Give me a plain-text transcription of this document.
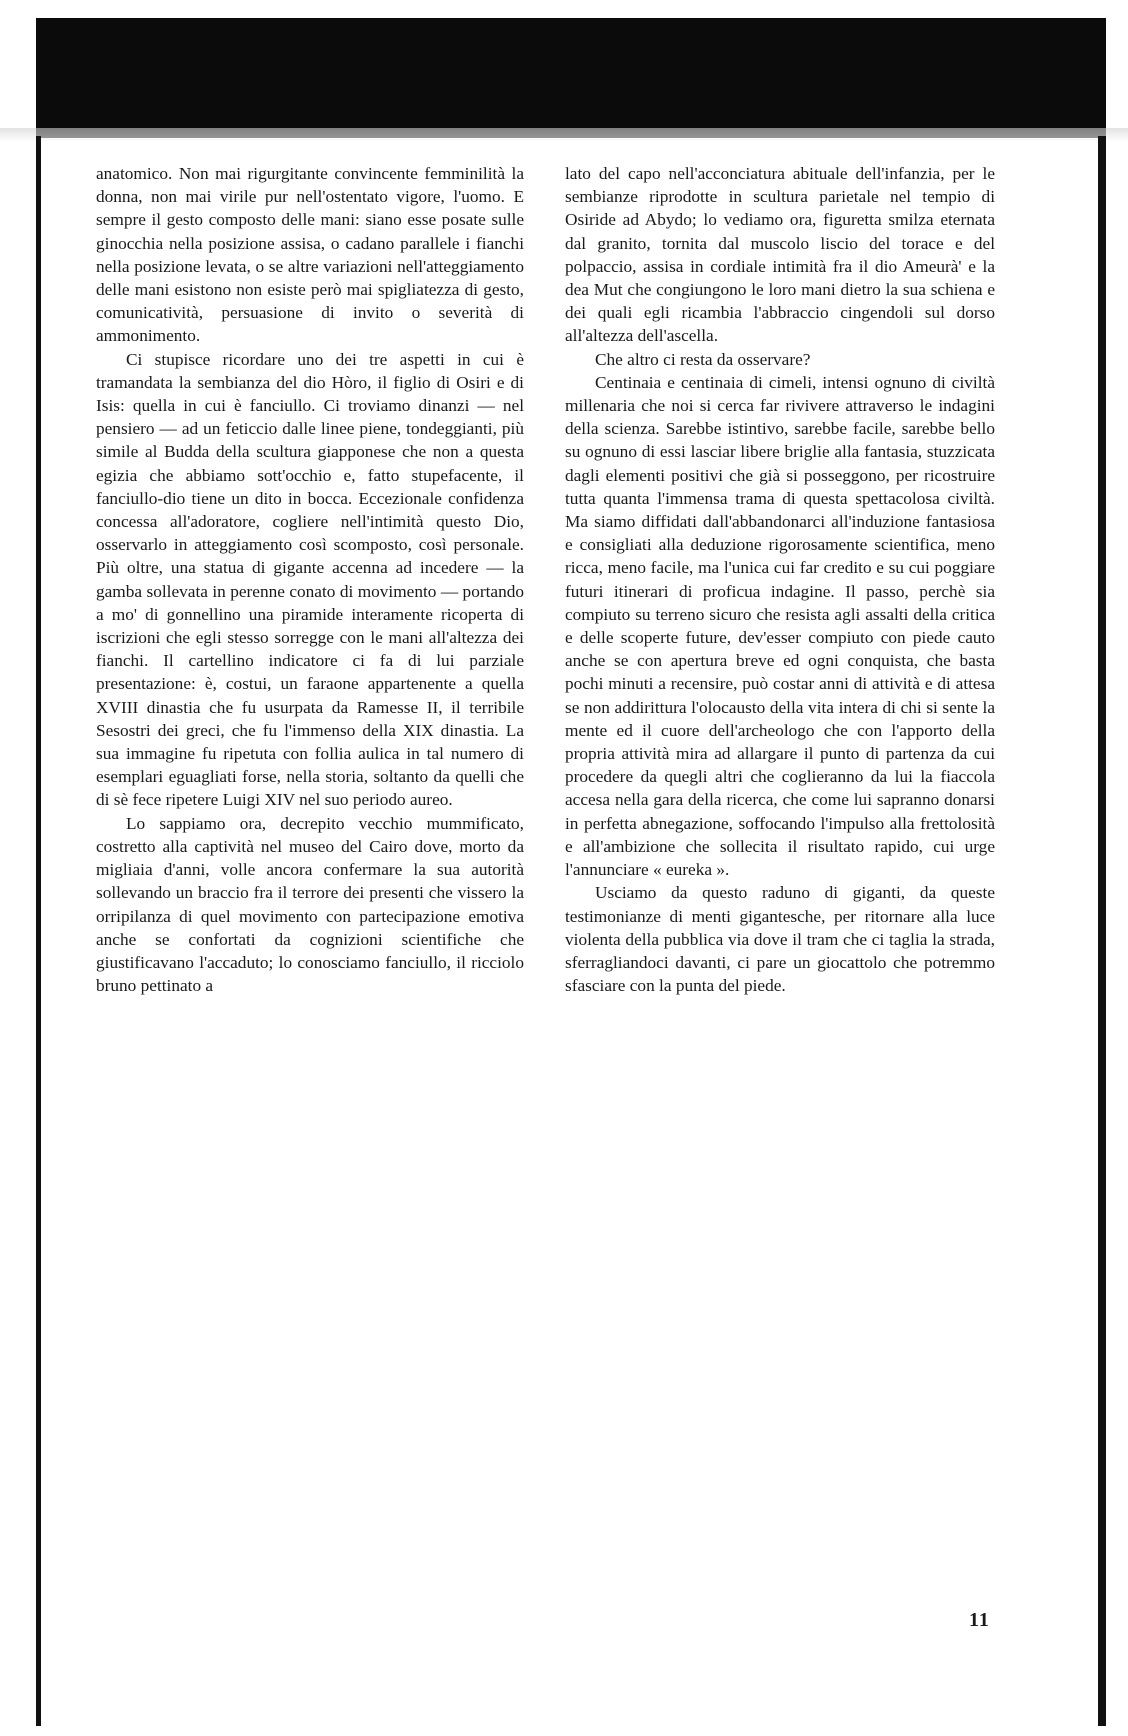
anatomico. Non mai rigurgitante convincente femminilità la donna, non mai virile pur nell'ostentato vigore, l'uomo. E sempre il gesto composto delle mani: siano esse posate sulle ginocchia nella posizione assisa, o cadano parallele i fianchi nella posizione levata, o se altre variazioni nell'atteggiamento delle mani esistono non esiste però mai spigliatezza di gesto, comunicatività, persuasione di invito o severità di ammonimento.

Ci stupisce ricordare uno dei tre aspetti in cui è tramandata la sembianza del dio Hòro, il figlio di Osiri e di Isis: quella in cui è fanciullo. Ci troviamo dinanzi — nel pensiero — ad un feticcio dalle linee piene, tondeggianti, più simile al Budda della scultura giapponese che non a questa egizia che abbiamo sott'occhio e, fatto stupefacente, il fanciullo-dio tiene un dito in bocca. Eccezionale confidenza concessa all'adoratore, cogliere nell'intimità questo Dio, osservarlo in atteggiamento così scomposto, così personale. Più oltre, una statua di gigante accenna ad incedere — la gamba sollevata in perenne conato di movimento — portando a mo' di gonnellino una piramide interamente ricoperta di iscrizioni che egli stesso sorregge con le mani all'altezza dei fianchi. Il cartellino indicatore ci fa di lui parziale presentazione: è, costui, un faraone appartenente a quella XVIII dinastia che fu usurpata da Ramesse II, il terribile Sesostri dei greci, che fu l'immenso della XIX dinastia. La sua immagine fu ripetuta con follia aulica in tal numero di esemplari eguagliati forse, nella storia, soltanto da quelli che di sè fece ripetere Luigi XIV nel suo periodo aureo.

Lo sappiamo ora, decrepito vecchio mummificato, costretto alla captività nel museo del Cairo dove, morto da migliaia d'anni, volle ancora confermare la sua autorità sollevando un braccio fra il terrore dei presenti che vissero la orripilanza di quel movimento con partecipazione emotiva anche se confortati da cognizioni scientifiche che giustificavano l'accaduto; lo conosciamo fanciullo, il ricciolo bruno pettinato a

lato del capo nell'acconciatura abituale dell'infanzia, per le sembianze riprodotte in scultura parietale nel tempio di Osiride ad Abydo; lo vediamo ora, figuretta smilza eternata dal granito, tornita dal muscolo liscio del torace e del polpaccio, assisa in cordiale intimità fra il dio Ameurà' e la dea Mut che congiungono le loro mani dietro la sua schiena e dei quali egli ricambia l'abbraccio cingendoli sul dorso all'altezza dell'ascella.

Che altro ci resta da osservare?

Centinaia e centinaia di cimeli, intensi ognuno di civiltà millenaria che noi si cerca far rivivere attraverso le indagini della scienza. Sarebbe istintivo, sarebbe facile, sarebbe bello su ognuno di essi lasciar libere briglie alla fantasia, stuzzicata dagli elementi positivi che già si posseggono, per ricostruire tutta quanta l'immensa trama di questa spettacolosa civiltà. Ma siamo diffidati dall'abbandonarci all'induzione fantasiosa e consigliati alla deduzione rigorosamente scientifica, meno ricca, meno facile, ma l'unica cui far credito e su cui poggiare futuri itinerari di proficua indagine. Il passo, perchè sia compiuto su terreno sicuro che resista agli assalti della critica e delle scoperte future, dev'esser compiuto con piede cauto anche se con apertura breve ed ogni conquista, che basta pochi minuti a recensire, può costar anni di attività e di attesa se non addirittura l'olocausto della vita intera di chi si sente la mente ed il cuore dell'archeologo che con l'apporto della propria attività mira ad allargare il punto di partenza da cui procedere da quegli altri che coglieranno da lui la fiaccola accesa nella gara della ricerca, che come lui sapranno donarsi in perfetta abnegazione, soffocando l'impulso alla frettolosità e all'ambizione che sollecita il risultato rapido, cui urge l'annunciare « eureka ».

Usciamo da questo raduno di giganti, da queste testimonianze di menti gigantesche, per ritornare alla luce violenta della pubblica via dove il tram che ci taglia la strada, sferragliandoci davanti, ci pare un giocattolo che potremmo sfasciare con la punta del piede.

11
